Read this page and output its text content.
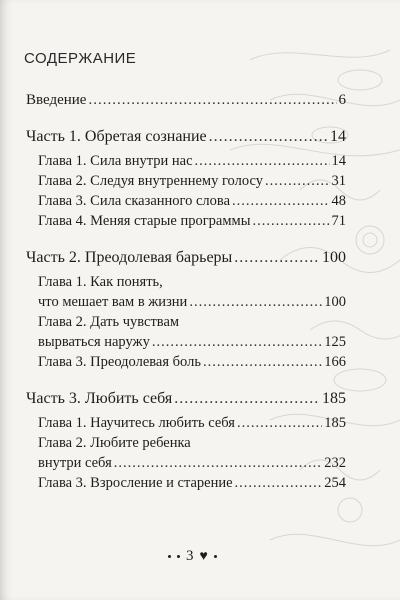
СОДЕРЖАНИЕ
Введение .....	6
Часть 1. Обретая сознание .....	14
Глава 1. Сила внутри нас .....	14
Глава 2. Следуя внутреннему голосу .....	31
Глава 3. Сила сказанного слова .....	48
Глава 4. Меняя старые программы .....	71
Часть 2. Преодолевая барьеры .....	100
Глава 1. Как понять,
что мешает вам в жизни .....	100
Глава 2. Дать чувствам
вырваться наружу .....	125
Глава 3. Преодолевая боль .....	166
Часть 3. Любить себя .....	185
Глава 1. Научитесь любить себя .....	185
Глава 2. Любите ребенка
внутри себя .....	232
Глава 3. Взросление и старение .....	254
3 ♥
